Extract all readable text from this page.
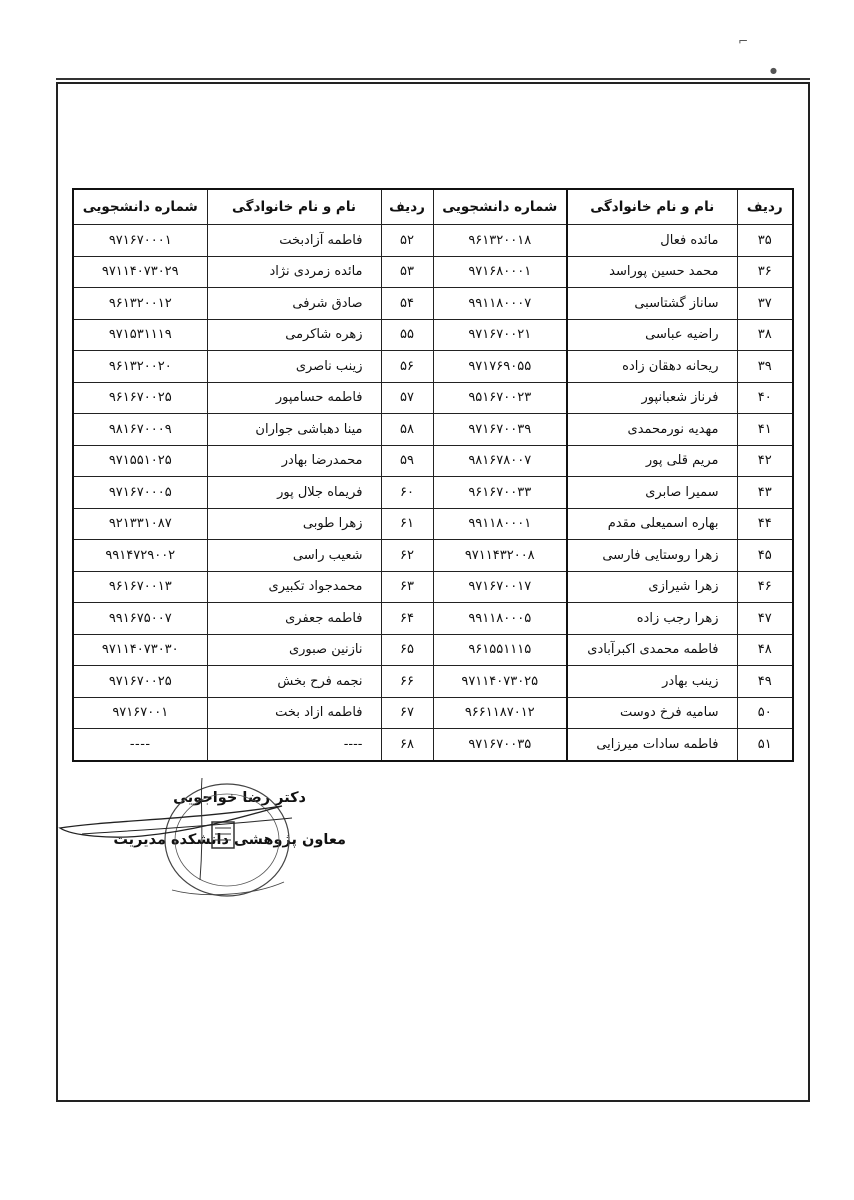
⌐
●
ردیف	نام و نام خانوادگی	شماره دانشجویی	ردیف	نام و نام خانوادگی	شماره دانشجویی
۳۵	مائده فعال	۹۶۱۳۲۰۰۱۸	۵۲	فاطمه آزادبخت	۹۷۱۶۷۰۰۰۱
۳۶	محمد حسین پوراسد	۹۷۱۶۸۰۰۰۱	۵۳	مائده زمردی نژاد	۹۷۱۱۴۰۷۳۰۲۹
۳۷	ساناز گشتاسبی	۹۹۱۱۸۰۰۰۷	۵۴	صادق شرفی	۹۶۱۳۲۰۰۱۲
۳۸	راضیه عباسی	۹۷۱۶۷۰۰۲۱	۵۵	زهره شاکرمی	۹۷۱۵۳۱۱۱۹
۳۹	ریحانه دهقان زاده	۹۷۱۷۶۹۰۵۵	۵۶	زینب ناصری	۹۶۱۳۲۰۰۲۰
۴۰	فرناز شعبانپور	۹۵۱۶۷۰۰۲۳	۵۷	فاطمه حسامپور	۹۶۱۶۷۰۰۲۵
۴۱	مهدیه نورمحمدی	۹۷۱۶۷۰۰۳۹	۵۸	مینا دهباشی جواران	۹۸۱۶۷۰۰۰۹
۴۲	مریم قلی پور	۹۸۱۶۷۸۰۰۷	۵۹	محمدرضا بهادر	۹۷۱۵۵۱۰۲۵
۴۳	سمیرا صابری	۹۶۱۶۷۰۰۳۳	۶۰	فریماه جلال پور	۹۷۱۶۷۰۰۰۵
۴۴	بهاره اسمیعلی مقدم	۹۹۱۱۸۰۰۰۱	۶۱	زهرا طوبی	۹۲۱۳۳۱۰۸۷
۴۵	زهرا روستایی فارسی	۹۷۱۱۴۳۲۰۰۸	۶۲	شعیب راسی	۹۹۱۴۷۲۹۰۰۲
۴۶	زهرا شیرازی	۹۷۱۶۷۰۰۱۷	۶۳	محمدجواد تکبیری	۹۶۱۶۷۰۰۱۳
۴۷	زهرا رجب زاده	۹۹۱۱۸۰۰۰۵	۶۴	فاطمه جعفری	۹۹۱۶۷۵۰۰۷
۴۸	فاطمه محمدی اکبرآبادی	۹۶۱۵۵۱۱۱۵	۶۵	نازنین صبوری	۹۷۱۱۴۰۷۳۰۳۰
۴۹	زینب بهادر	۹۷۱۱۴۰۷۳۰۲۵	۶۶	نجمه فرح بخش	۹۷۱۶۷۰۰۲۵
۵۰	سامیه فرخ دوست	۹۶۶۱۱۸۷۰۱۲	۶۷	فاطمه ازاد بخت	۹۷۱۶۷۰۰۱
۵۱	فاطمه سادات میرزایی	۹۷۱۶۷۰۰۳۵	۶۸	----	----
دکتر رضا خواجویی
معاون پژوهشی دانشکده مدیریت
